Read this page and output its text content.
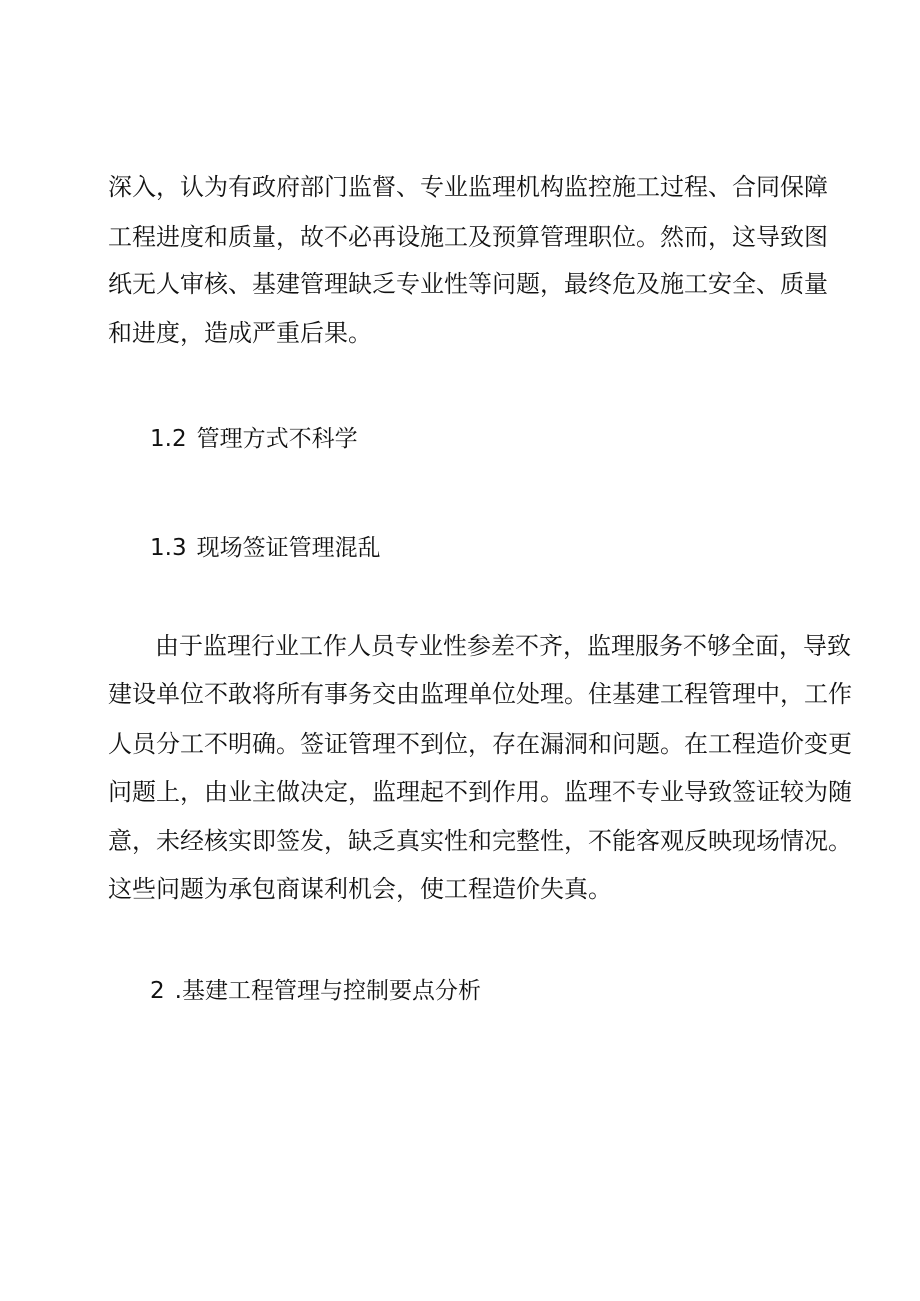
深入，认为有政府部门监督、专业监理机构监控施工过程、合同保障
工程进度和质量，故不必再设施工及预算管理职位。然而，这导致图
纸无人审核、基建管理缺乏专业性等问题，最终危及施工安全、质量
和进度，造成严重后果。
1.2 管理方式不科学
1.3 现场签证管理混乱
由于监理行业工作人员专业性参差不齐，监理服务不够全面，导致
建设单位不敢将所有事务交由监理单位处理。住基建工程管理中，工作
人员分工不明确。签证管理不到位，存在漏洞和问题。在工程造价变更
问题上，由业主做决定，监理起不到作用。监理不专业导致签证较为随
意，未经核实即签发，缺乏真实性和完整性，不能客观反映现场情况。
这些问题为承包商谋利机会，使工程造价失真。
2 .基建工程管理与控制要点分析
